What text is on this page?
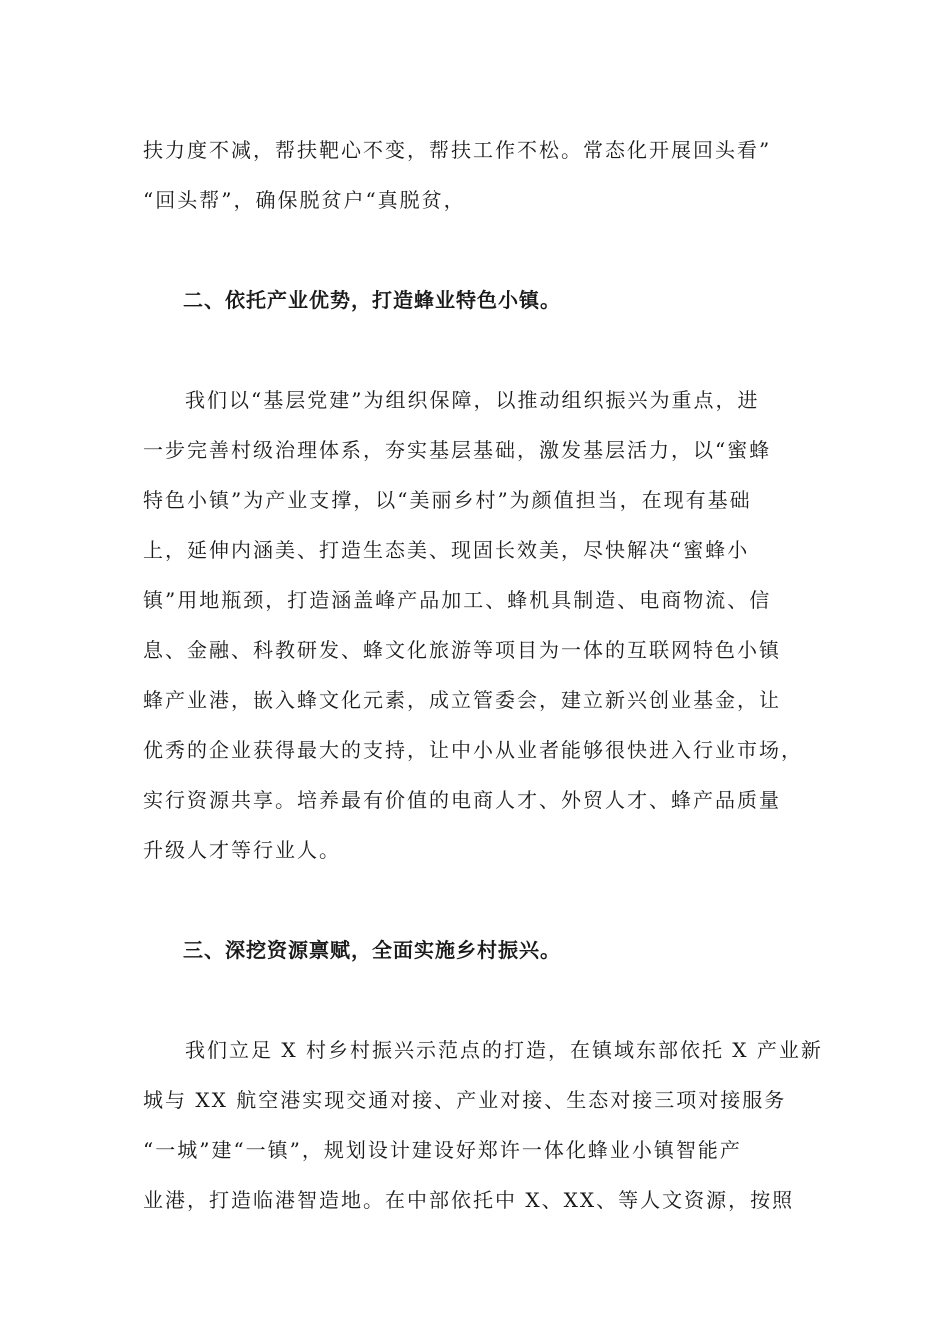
扶力度不减，帮扶靶心不变，帮扶工作不松。常态化开展回头看”
“回头帮”，确保脱贫户“真脱贫，
二、依托产业优势，打造蜂业特色小镇。
我们以“基层党建”为组织保障，以推动组织振兴为重点，进
一步完善村级治理体系，夯实基层基础，激发基层活力，以“蜜蜂
特色小镇”为产业支撑，以“美丽乡村”为颜值担当，在现有基础
上，延伸内涵美、打造生态美、现固长效美，尽快解决“蜜蜂小
镇”用地瓶颈，打造涵盖峰产品加工、蜂机具制造、电商物流、信
息、金融、科教研发、蜂文化旅游等项目为一体的互联网特色小镇
蜂产业港，嵌入蜂文化元素，成立管委会，建立新兴创业基金，让
优秀的企业获得最大的支持，让中小从业者能够很快进入行业市场，
实行资源共享。培养最有价值的电商人才、外贸人才、蜂产品质量
升级人才等行业人。
三、深挖资源禀赋，全面实施乡村振兴。
我们立足 X 村乡村振兴示范点的打造，在镇域东部依托 X 产业新
城与 XX 航空港实现交通对接、产业对接、生态对接三项对接服务
“一城”建“一镇”，规划设计建设好郑许一体化蜂业小镇智能产
业港，打造临港智造地。在中部依托中 X、XX、等人文资源，按照
